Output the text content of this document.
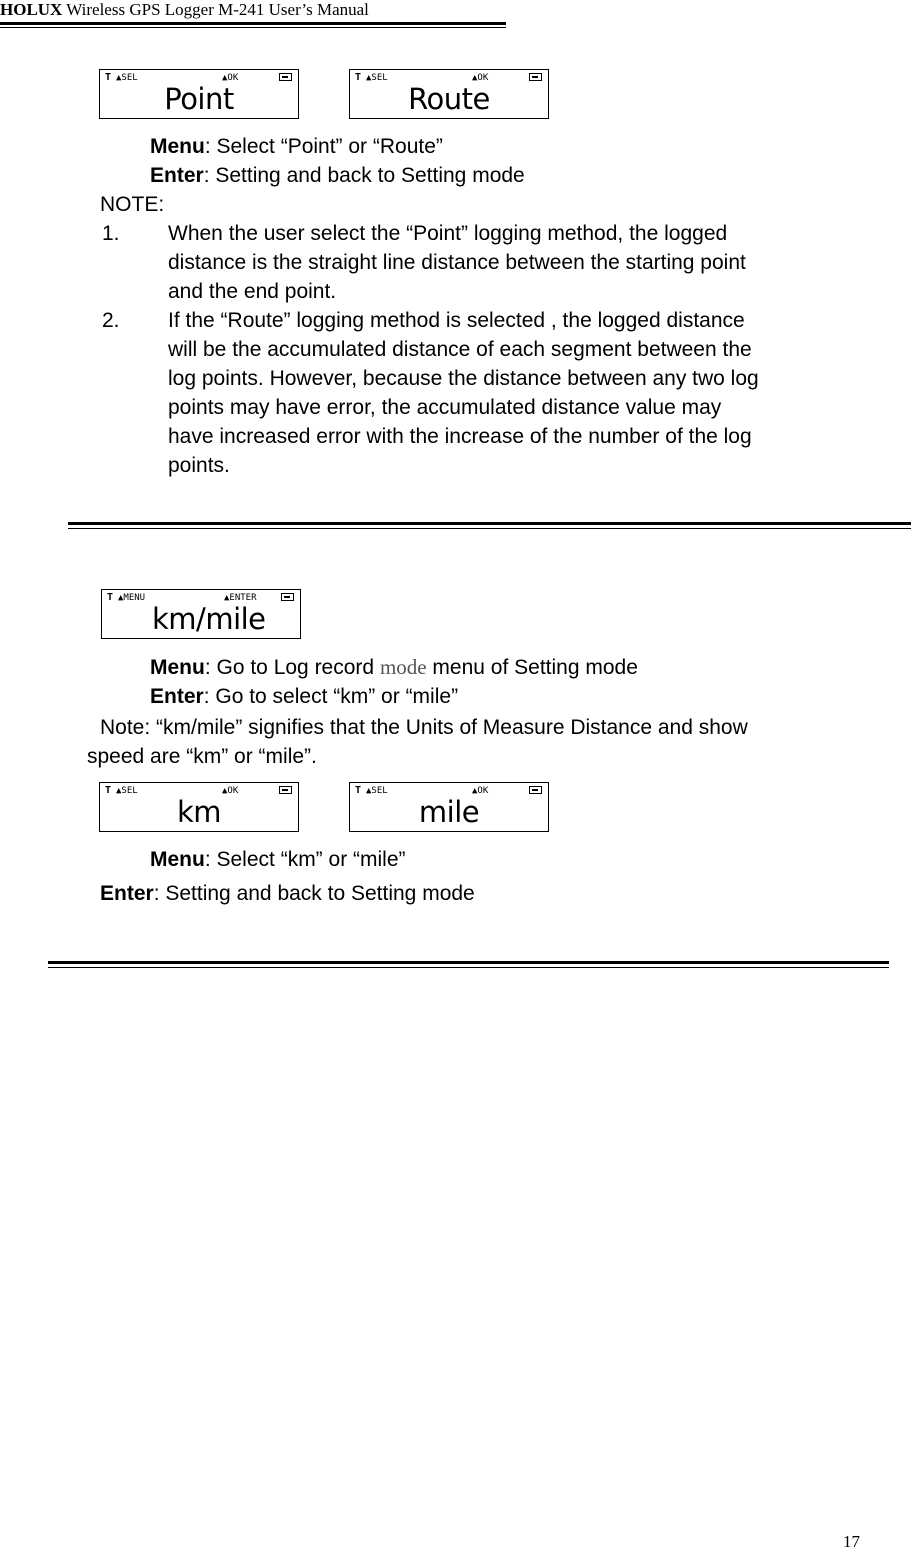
HOLUX Wireless GPS Logger M-241 User’s Manual
T ▲SEL	▲OK
Point
T ▲SEL	▲OK
Route
Menu: Select “Point” or “Route”
Enter: Setting and back to Setting mode
NOTE:
1. When the user select the “Point” logging method, the logged
distance is the straight line distance between the starting point
and the end point.
2. If the “Route” logging method is selected , the logged distance
will be the accumulated distance of each segment between the
log points. However, because the distance between any two log
points may have error, the accumulated distance value may
have increased error with the increase of the number of the log
points.
T ▲MENU	▲ENTER
km/mile
Menu: Go to Log record mode menu of Setting mode
Enter: Go to select “km” or “mile”
Note: “km/mile” signifies that the Units of Measure Distance and show
speed are “km” or “mile”.
T ▲SEL	▲OK
km
T ▲SEL	▲OK
mile
Menu: Select “km” or “mile”
Enter: Setting and back to Setting mode
17
